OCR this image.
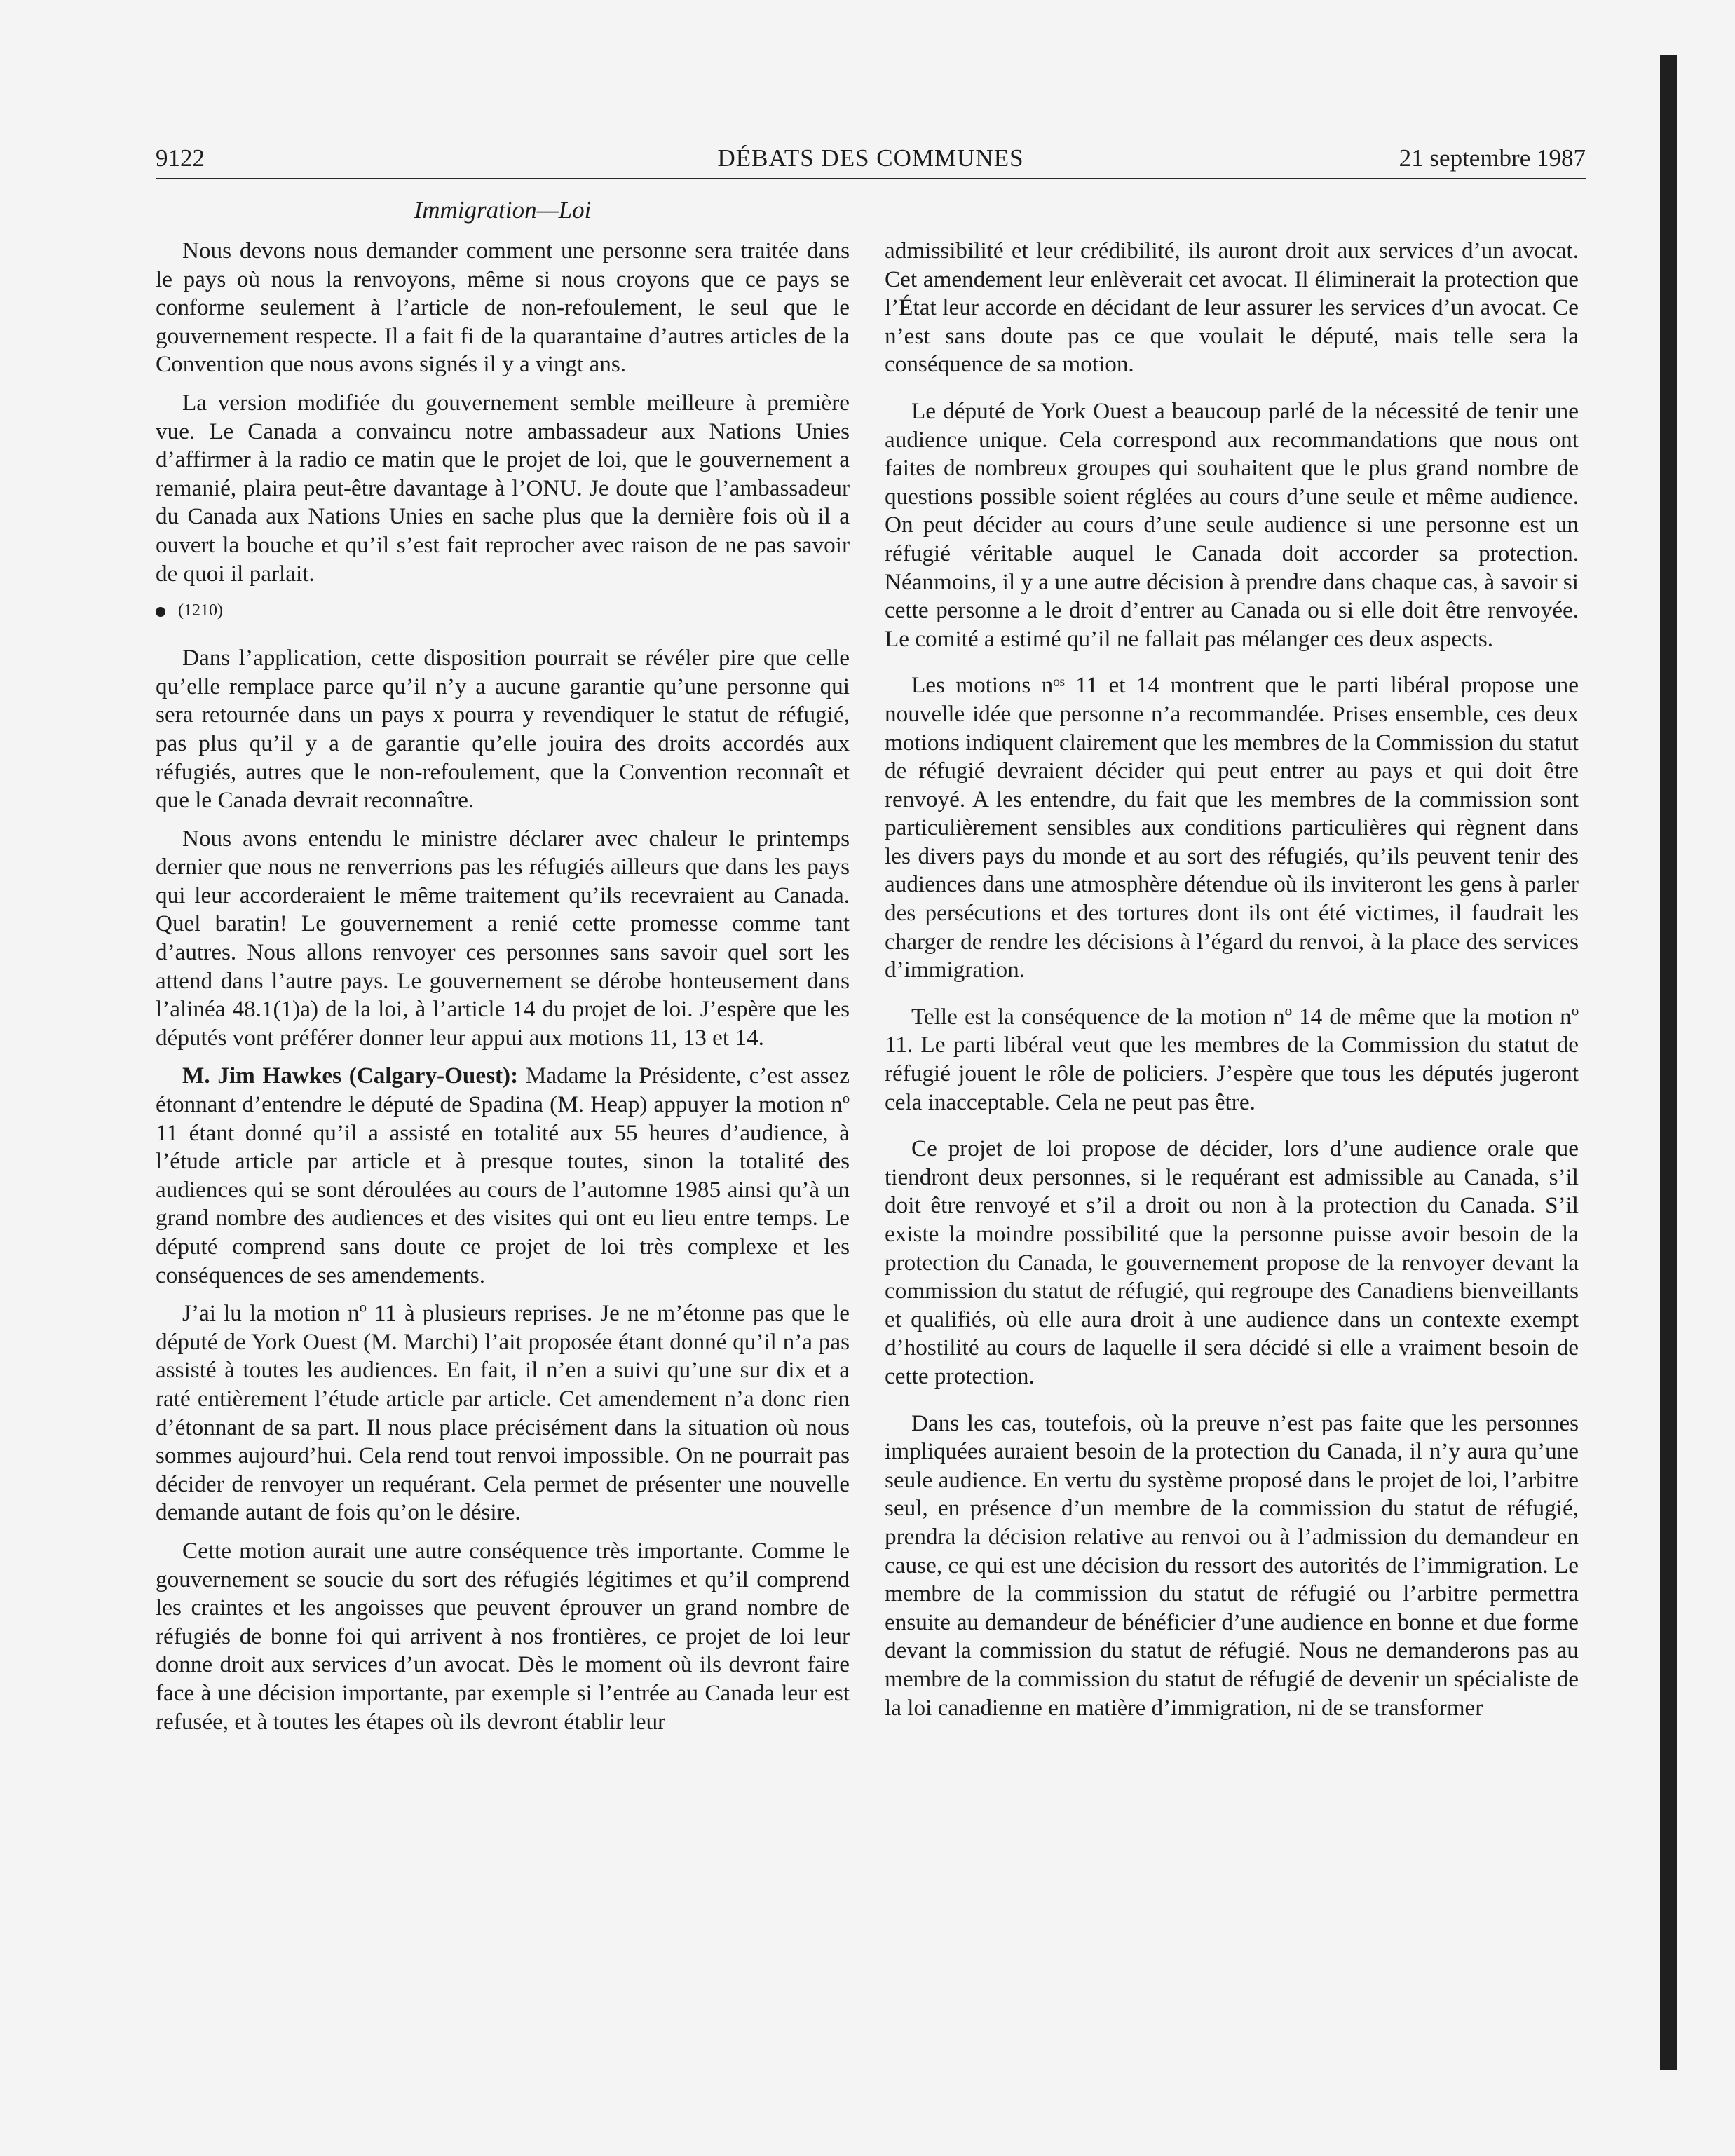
9122	DÉBATS DES COMMUNES	21 septembre 1987
Immigration—Loi

Nous devons nous demander comment une personne sera traitée dans le pays où nous la renvoyons, même si nous croyons que ce pays se conforme seulement à l’article de non-refoulement, le seul que le gouvernement respecte. Il a fait fi de la quarantaine d’autres articles de la Convention que nous avons signés il y a vingt ans.

La version modifiée du gouvernement semble meilleure à première vue. Le Canada a convaincu notre ambassadeur aux Nations Unies d’affirmer à la radio ce matin que le projet de loi, que le gouvernement a remanié, plaira peut-être davantage à l’ONU. Je doute que l’ambassadeur du Canada aux Nations Unies en sache plus que la dernière fois où il a ouvert la bouche et qu’il s’est fait reprocher avec raison de ne pas savoir de quoi il parlait.

(1210)

Dans l’application, cette disposition pourrait se révéler pire que celle qu’elle remplace parce qu’il n’y a aucune garantie qu’une personne qui sera retournée dans un pays x pourra y revendiquer le statut de réfugié, pas plus qu’il y a de garantie qu’elle jouira des droits accordés aux réfugiés, autres que le non-refoulement, que la Convention reconnaît et que le Canada devrait reconnaître.

Nous avons entendu le ministre déclarer avec chaleur le printemps dernier que nous ne renverrions pas les réfugiés ailleurs que dans les pays qui leur accorderaient le même traitement qu’ils recevraient au Canada. Quel baratin! Le gouvernement a renié cette promesse comme tant d’autres. Nous allons renvoyer ces personnes sans savoir quel sort les attend dans l’autre pays. Le gouvernement se dérobe honteusement dans l’alinéa 48.1(1)a) de la loi, à l’article 14 du projet de loi. J’espère que les députés vont préférer donner leur appui aux motions 11, 13 et 14.

M. Jim Hawkes (Calgary-Ouest): Madame la Présidente, c’est assez étonnant d’entendre le député de Spadina (M. Heap) appuyer la motion nº 11 étant donné qu’il a assisté en totalité aux 55 heures d’audience, à l’étude article par article et à presque toutes, sinon la totalité des audiences qui se sont déroulées au cours de l’automne 1985 ainsi qu’à un grand nombre des audiences et des visites qui ont eu lieu entre temps. Le député comprend sans doute ce projet de loi très complexe et les conséquences de ses amendements.

J’ai lu la motion nº 11 à plusieurs reprises. Je ne m’étonne pas que le député de York Ouest (M. Marchi) l’ait proposée étant donné qu’il n’a pas assisté à toutes les audiences. En fait, il n’en a suivi qu’une sur dix et a raté entièrement l’étude article par article. Cet amendement n’a donc rien d’étonnant de sa part. Il nous place précisément dans la situation où nous sommes aujourd’hui. Cela rend tout renvoi impossible. On ne pourrait pas décider de renvoyer un requérant. Cela permet de présenter une nouvelle demande autant de fois qu’on le désire.

Cette motion aurait une autre conséquence très importante. Comme le gouvernement se soucie du sort des réfugiés légitimes et qu’il comprend les craintes et les angoisses que peuvent éprouver un grand nombre de réfugiés de bonne foi qui arrivent à nos frontières, ce projet de loi leur donne droit aux services d’un avocat. Dès le moment où ils devront faire face à une décision importante, par exemple si l’entrée au Canada leur est refusée, et à toutes les étapes où ils devront établir leur

admissibilité et leur crédibilité, ils auront droit aux services d’un avocat. Cet amendement leur enlèverait cet avocat. Il éliminerait la protection que l’État leur accorde en décidant de leur assurer les services d’un avocat. Ce n’est sans doute pas ce que voulait le député, mais telle sera la conséquence de sa motion.

Le député de York Ouest a beaucoup parlé de la nécessité de tenir une audience unique. Cela correspond aux recommandations que nous ont faites de nombreux groupes qui souhaitent que le plus grand nombre de questions possible soient réglées au cours d’une seule et même audience. On peut décider au cours d’une seule audience si une personne est un réfugié véritable auquel le Canada doit accorder sa protection. Néanmoins, il y a une autre décision à prendre dans chaque cas, à savoir si cette personne a le droit d’entrer au Canada ou si elle doit être renvoyée. Le comité a estimé qu’il ne fallait pas mélanger ces deux aspects.

Les motions nᵒˢ 11 et 14 montrent que le parti libéral propose une nouvelle idée que personne n’a recommandée. Prises ensemble, ces deux motions indiquent clairement que les membres de la Commission du statut de réfugié devraient décider qui peut entrer au pays et qui doit être renvoyé. A les entendre, du fait que les membres de la commission sont particulièrement sensibles aux conditions particulières qui règnent dans les divers pays du monde et au sort des réfugiés, qu’ils peuvent tenir des audiences dans une atmosphère détendue où ils inviteront les gens à parler des persécutions et des tortures dont ils ont été victimes, il faudrait les charger de rendre les décisions à l’égard du renvoi, à la place des services d’immigration.

Telle est la conséquence de la motion nº 14 de même que la motion nº 11. Le parti libéral veut que les membres de la Commission du statut de réfugié jouent le rôle de policiers. J’espère que tous les députés jugeront cela inacceptable. Cela ne peut pas être.

Ce projet de loi propose de décider, lors d’une audience orale que tiendront deux personnes, si le requérant est admissible au Canada, s’il doit être renvoyé et s’il a droit ou non à la protection du Canada. S’il existe la moindre possibilité que la personne puisse avoir besoin de la protection du Canada, le gouvernement propose de la renvoyer devant la commission du statut de réfugié, qui regroupe des Canadiens bienveillants et qualifiés, où elle aura droit à une audience dans un contexte exempt d’hostilité au cours de laquelle il sera décidé si elle a vraiment besoin de cette protection.

Dans les cas, toutefois, où la preuve n’est pas faite que les personnes impliquées auraient besoin de la protection du Canada, il n’y aura qu’une seule audience. En vertu du système proposé dans le projet de loi, l’arbitre seul, en présence d’un membre de la commission du statut de réfugié, prendra la décision relative au renvoi ou à l’admission du demandeur en cause, ce qui est une décision du ressort des autorités de l’immigration. Le membre de la commission du statut de réfugié ou l’arbitre permettra ensuite au demandeur de bénéficier d’une audience en bonne et due forme devant la commission du statut de réfugié. Nous ne demanderons pas au membre de la commission du statut de réfugié de devenir un spécialiste de la loi canadienne en matière d’immigration, ni de se transformer
